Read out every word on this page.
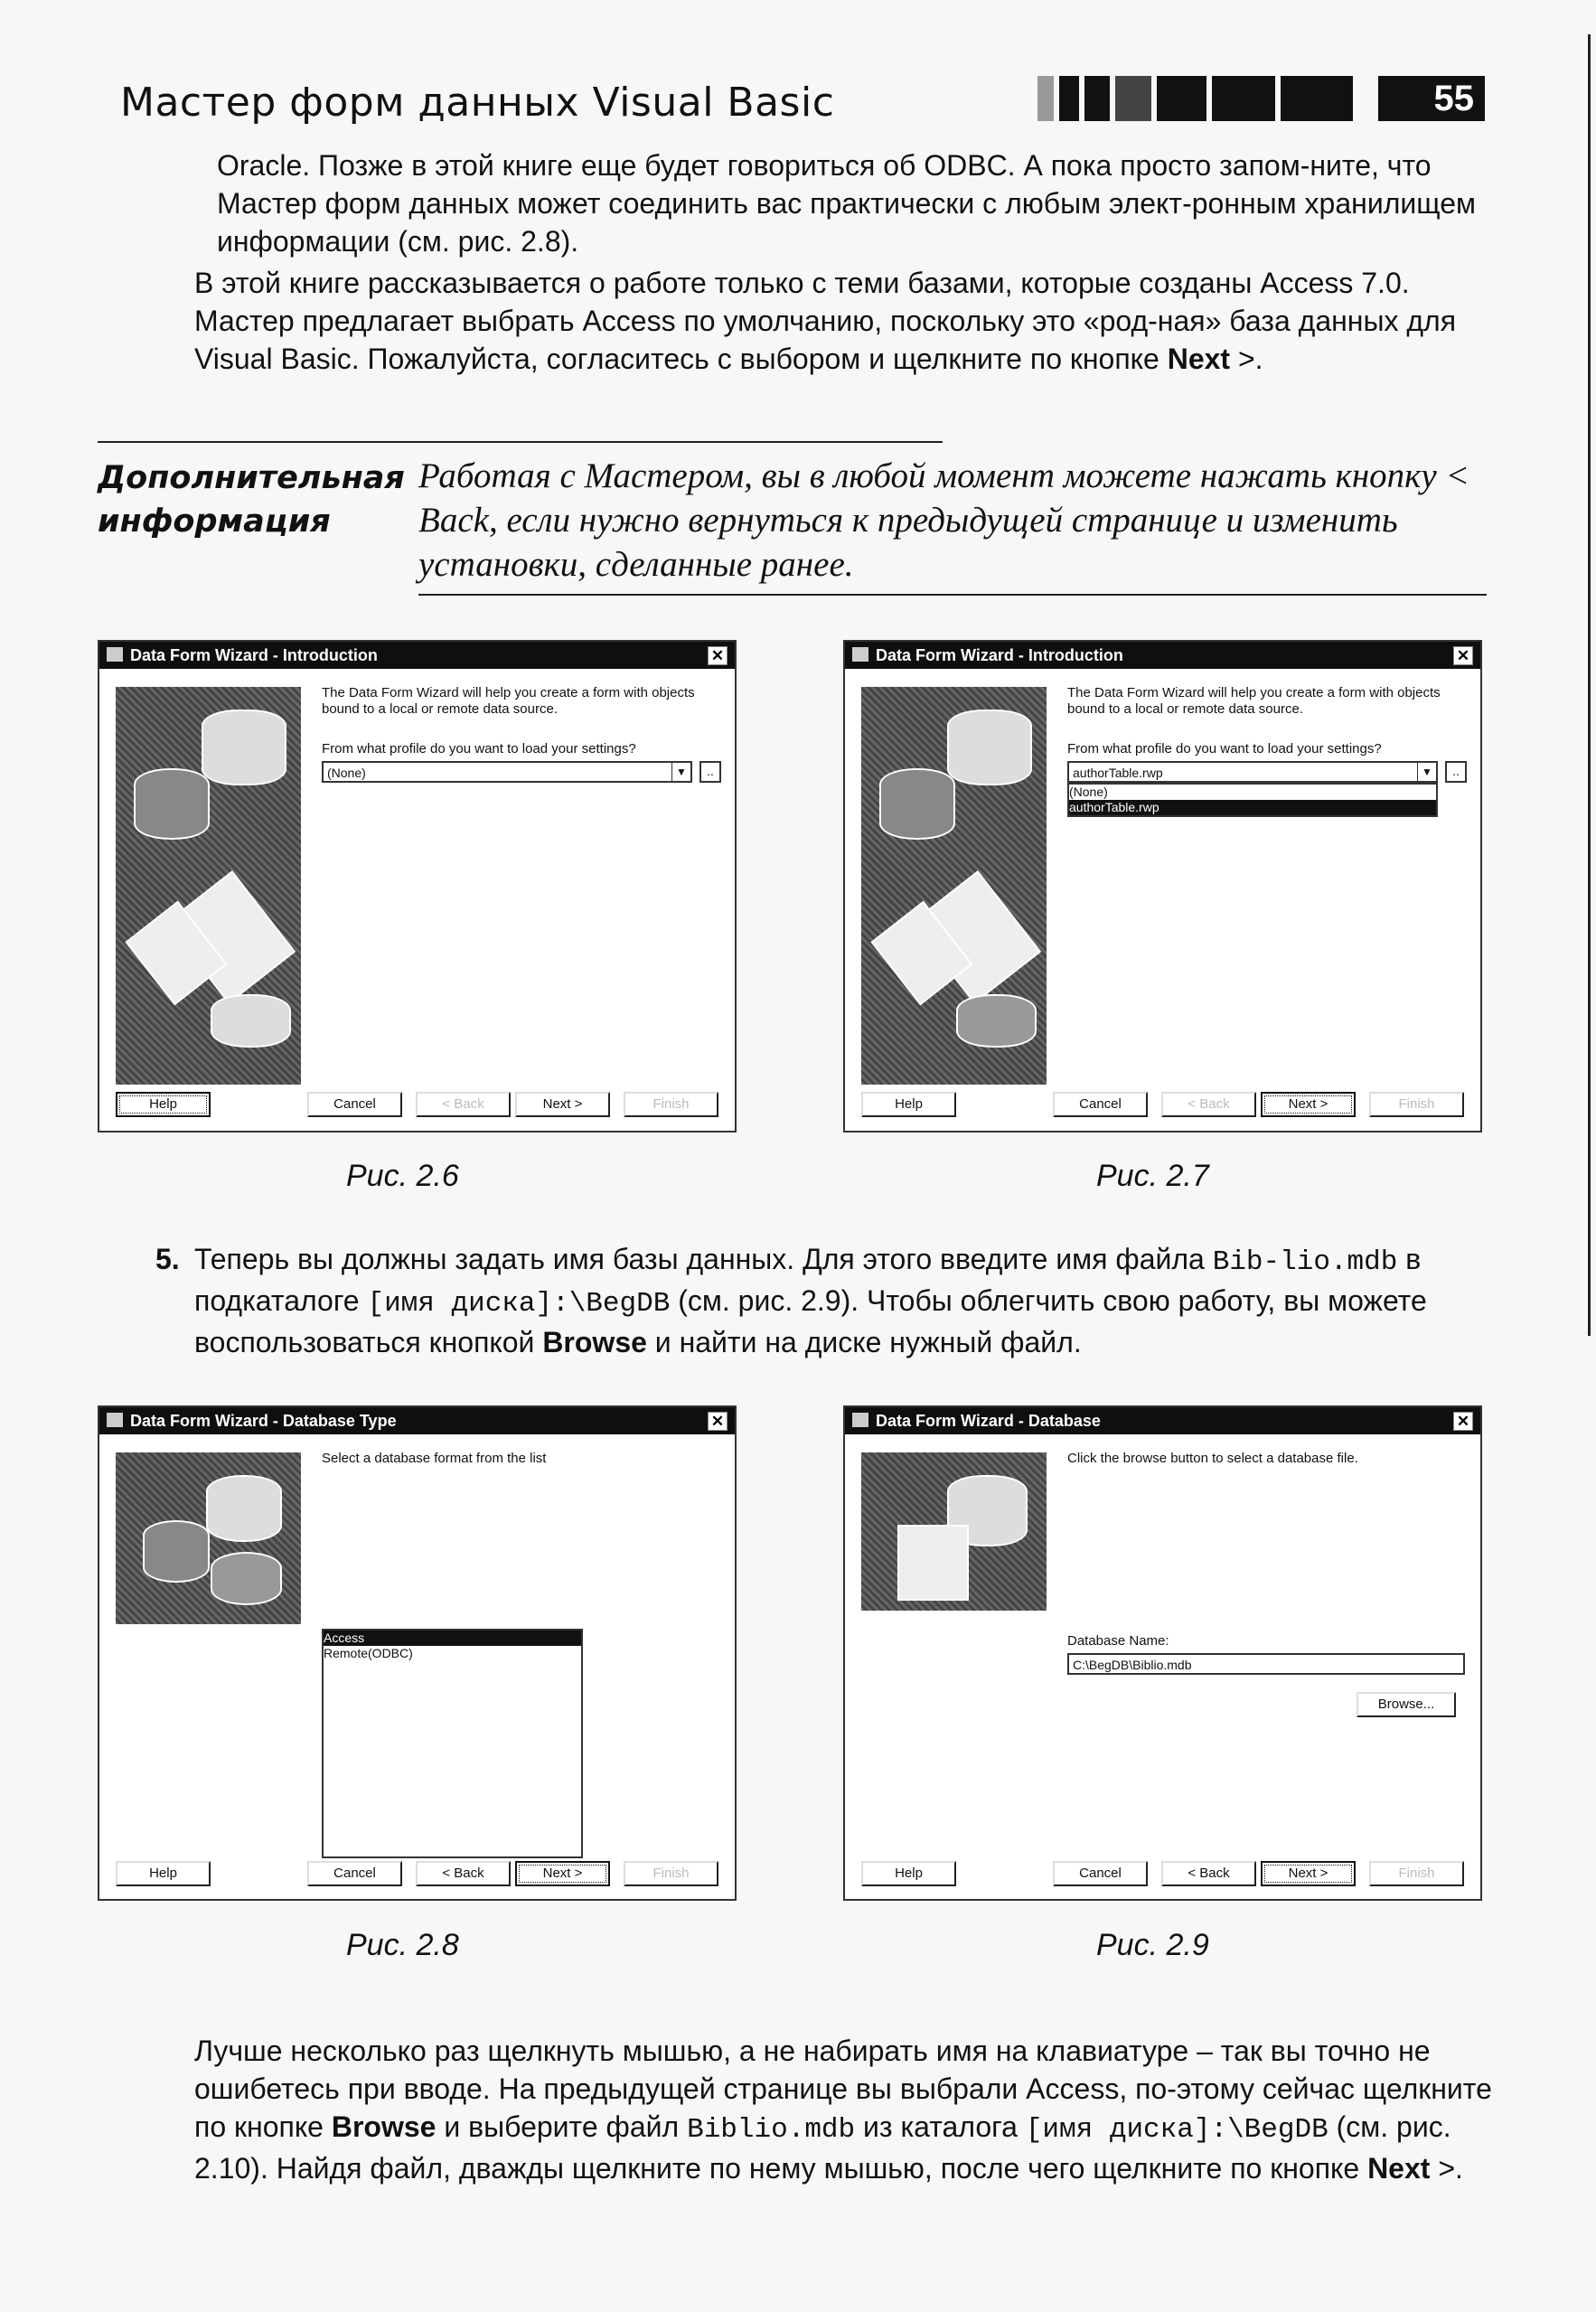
Мастер форм данных Visual Basic	55
Oracle. Позже в этой книге еще будет говориться об ODBC. А пока просто запом-ните, что Мастер форм данных может соединить вас практически с любым элект-ронным хранилищем информации (см. рис. 2.8).
В этой книге рассказывается о работе только с теми базами, которые созданы Access 7.0. Мастер предлагает выбрать Access по умолчанию, поскольку это «род-ная» база данных для Visual Basic. Пожалуйста, согласитесь с выбором и щелкните по кнопке Next >.
Дополнительная
информация
Работая с Мастером, вы в любой момент можете нажать кнопку < Back, если нужно вернуться к предыдущей странице и изменить установки, сделанные ранее.
Data Form Wizard - Introduction	✕
The Data Form Wizard will help you create a form with objects bound to a local or remote data source.
From what profile do you want to load your settings?
(None)	▼	..
Help	Cancel	< Back	Next >	Finish
Рис. 2.6
Data Form Wizard - Introduction	✕
The Data Form Wizard will help you create a form with objects bound to a local or remote data source.
From what profile do you want to load your settings?
authorTable.rwp	▼	..
(None)
authorTable.rwp
Help	Cancel	< Back	Next >	Finish
Рис. 2.7
5. Теперь вы должны задать имя базы данных. Для этого введите имя файла Bib-lio.mdb в подкаталоге [имя диска]:\BegDB (см. рис. 2.9). Чтобы облегчить свою работу, вы можете воспользоваться кнопкой Browse и найти на диске нужный файл.
Data Form Wizard - Database Type	✕
Select a database format from the list
Access
Remote(ODBC)
Help	Cancel	< Back	Next >	Finish
Рис. 2.8
Data Form Wizard - Database	✕
Click the browse button to select a database file.
Database Name:
C:\BegDB\Biblio.mdb
Browse...
Help	Cancel	< Back	Next >	Finish
Рис. 2.9
Лучше несколько раз щелкнуть мышью, а не набирать имя на клавиатуре – так вы точно не ошибетесь при вводе. На предыдущей странице вы выбрали Access, по-этому сейчас щелкните по кнопке Browse и выберите файл Biblio.mdb из каталога [имя диска]:\BegDB (см. рис. 2.10). Найдя файл, дважды щелкните по нему мышью, после чего щелкните по кнопке Next >.
